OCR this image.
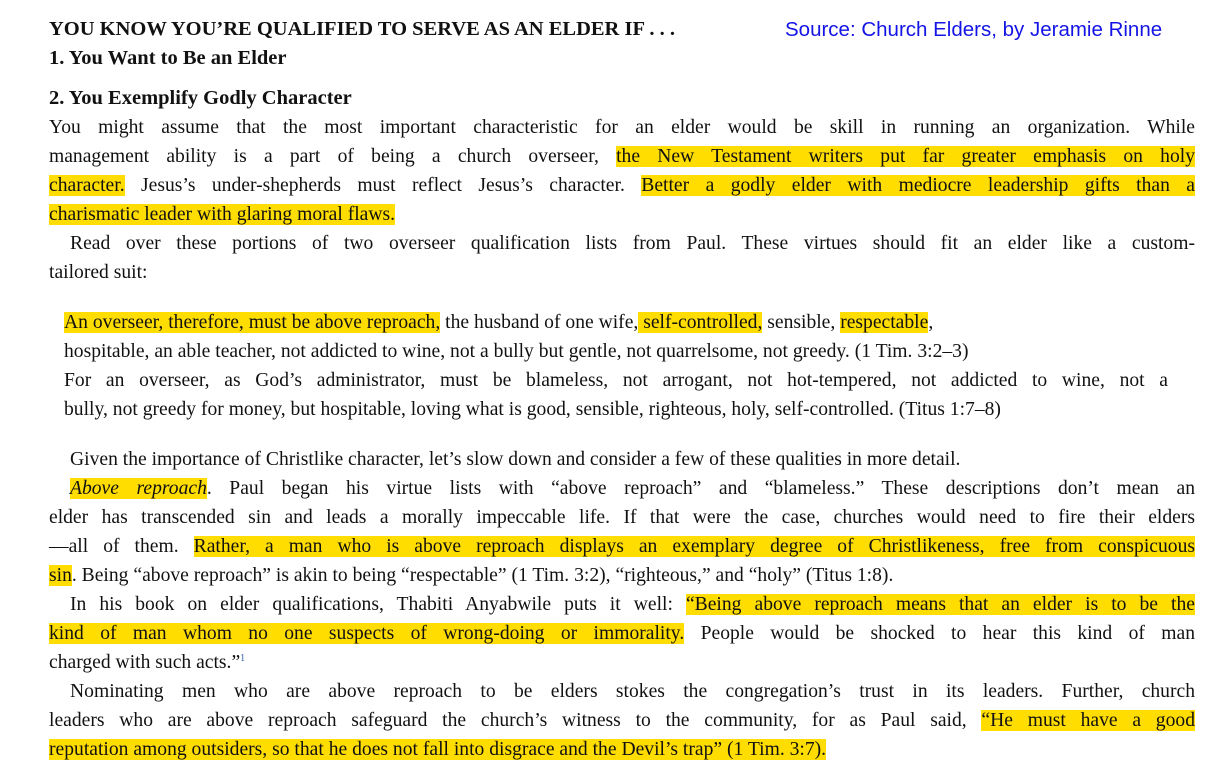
YOU KNOW YOU’RE QUALIFIED TO SERVE AS AN ELDER IF . . .	Source: Church Elders, by Jeramie Rinne
1. You Want to Be an Elder
2. You Exemplify Godly Character
You might assume that the most important characteristic for an elder would be skill in running an organization. While
management ability is a part of being a church overseer, the New Testament writers put far greater emphasis on holy
character. Jesus’s under-shepherds must reflect Jesus’s character. Better a godly elder with mediocre leadership gifts than a
charismatic leader with glaring moral flaws.
Read over these portions of two overseer qualification lists from Paul. These virtues should fit an elder like a custom-
tailored suit:
An overseer, therefore, must be above reproach, the husband of one wife, self-controlled, sensible, respectable,
hospitable, an able teacher, not addicted to wine, not a bully but gentle, not quarrelsome, not greedy. (1 Tim. 3:2–3)
For an overseer, as God’s administrator, must be blameless, not arrogant, not hot-tempered, not addicted to wine, not a
bully, not greedy for money, but hospitable, loving what is good, sensible, righteous, holy, self-controlled. (Titus 1:7–8)
Given the importance of Christlike character, let’s slow down and consider a few of these qualities in more detail.
Above reproach. Paul began his virtue lists with “above reproach” and “blameless.” These descriptions don’t mean an
elder has transcended sin and leads a morally impeccable life. If that were the case, churches would need to fire their elders
—all of them. Rather, a man who is above reproach displays an exemplary degree of Christlikeness, free from conspicuous
sin. Being “above reproach” is akin to being “respectable” (1 Tim. 3:2), “righteous,” and “holy” (Titus 1:8).
In his book on elder qualifications, Thabiti Anyabwile puts it well: “Being above reproach means that an elder is to be the
kind of man whom no one suspects of wrong-doing or immorality. People would be shocked to hear this kind of man
charged with such acts.”$^1$
Nominating men who are above reproach to be elders stokes the congregation’s trust in its leaders. Further, church
leaders who are above reproach safeguard the church’s witness to the community, for as Paul said, “He must have a good
reputation among outsiders, so that he does not fall into disgrace and the Devil’s trap” (1 Tim. 3:7).
